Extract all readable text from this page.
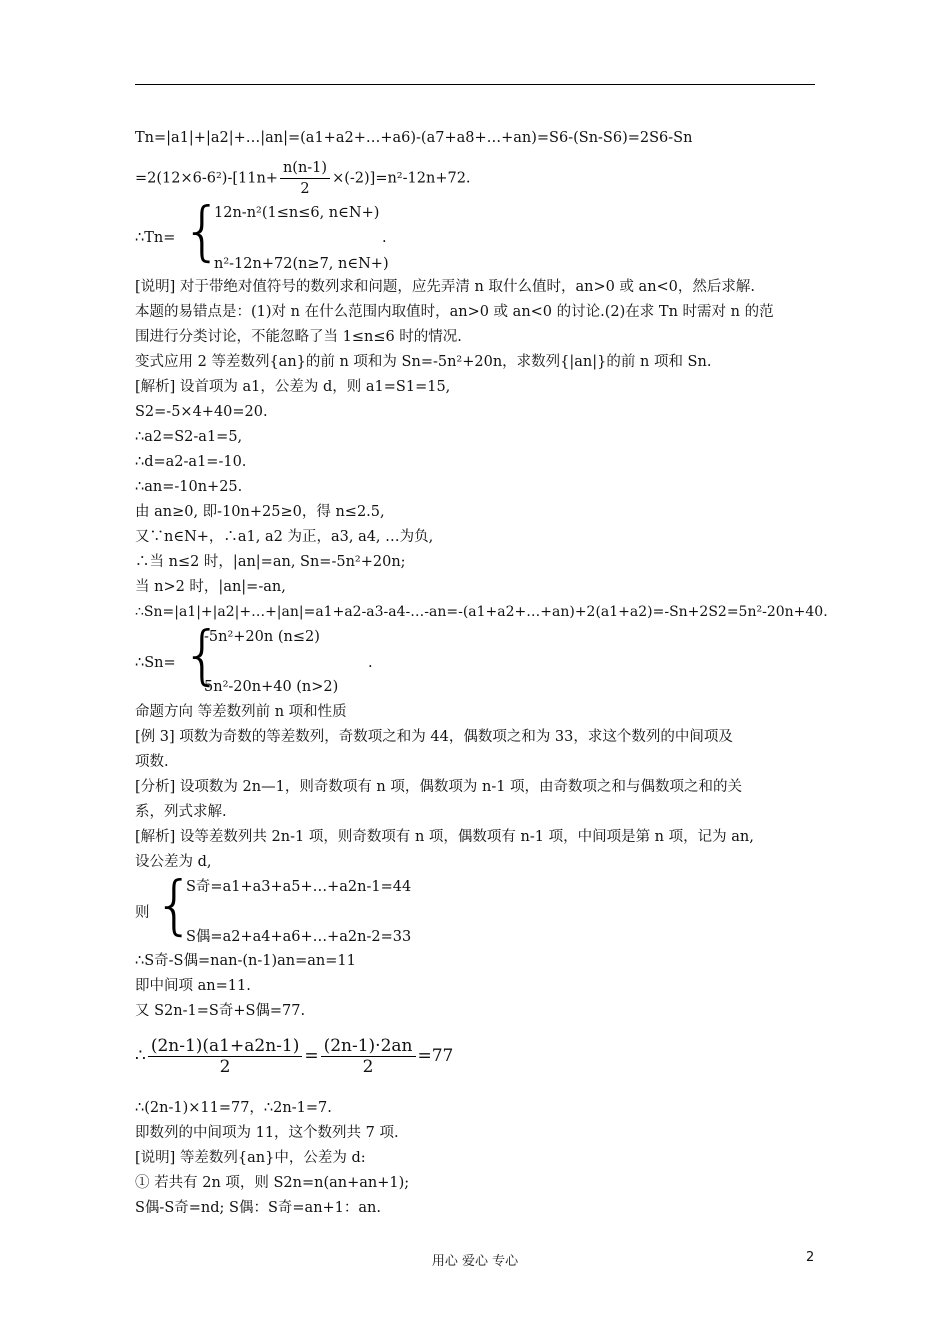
Tn=|a1|+|a2|+…|an|=(a1+a2+…+a6)-(a7+a8+…+an)=S6-(Sn-S6)=2S6-Sn
$=2(12\times 6-6^2)-[11n+ \frac{n(n-1)}{2} \times(-2)]=n^2-12n+72$.
∴Tn= {
12n-n²(1≤n≤6, n∈N+)
n²-12n+72(n≥7, n∈N+)
.
[说明] 对于带绝对值符号的数列求和问题，应先弄清 n 取什么值时，an>0 或 an<0，然后求解.
本题的易错点是：(1)对 n 在什么范围内取值时，an>0 或 an<0 的讨论.(2)在求 Tn 时需对 n 的范
围进行分类讨论，不能忽略了当 1≤n≤6 时的情况.
变式应用 2 等差数列{an}的前 n 项和为 Sn=-5n²+20n，求数列{|an|}的前 n 项和 Sn.
[解析] 设首项为 a1，公差为 d，则 a1=S1=15,
S2=-5×4+40=20.
∴a2=S2-a1=5,
∴d=a2-a1=-10.
∴an=-10n+25.
由 an≥0, 即-10n+25≥0，得 n≤2.5,
又∵n∈N+，∴a1, a2 为正，a3, a4, …为负,
∴当 n≤2 时，|an|=an, Sn=-5n²+20n;
当 n>2 时，|an|=-an,
∴Sn=|a1|+|a2|+…+|an|=a1+a2-a3-a4-…-an=-(a1+a2+…+an)+2(a1+a2)=-Sn+2S2=5n²-20n+40.
∴Sn= {
-5n²+20n (n≤2)
5n²-20n+40 (n>2)
.
命题方向 等差数列前 n 项和性质
[例 3] 项数为奇数的等差数列，奇数项之和为 44，偶数项之和为 33，求这个数列的中间项及
项数.
[分析] 设项数为 2n—1，则奇数项有 n 项，偶数项为 n-1 项，由奇数项之和与偶数项之和的关
系，列式求解.
[解析] 设等差数列共 2n-1 项，则奇数项有 n 项，偶数项有 n-1 项，中间项是第 n 项，记为 an,
设公差为 d,
则 {
S奇=a1+a3+a5+…+a2n-1=44
S偶=a2+a4+a6+…+a2n-2=33
∴S奇-S偶=nan-(n-1)an=an=11
即中间项 an=11.
又 S2n-1=S奇+S偶=77.
∴ $\frac{(2n-1)(a1+a2n-1)}{2} = \frac{(2n-1)\cdot 2an}{2} =77$
∴(2n-1)×11=77，∴2n-1=7.
即数列的中间项为 11，这个数列共 7 项.
[说明] 等差数列{an}中，公差为 d:
① 若共有 2n 项，则 S2n=n(an+an+1);
S偶-S奇=nd; S偶：S奇=an+1：an.
用心 爱心 专心	2
